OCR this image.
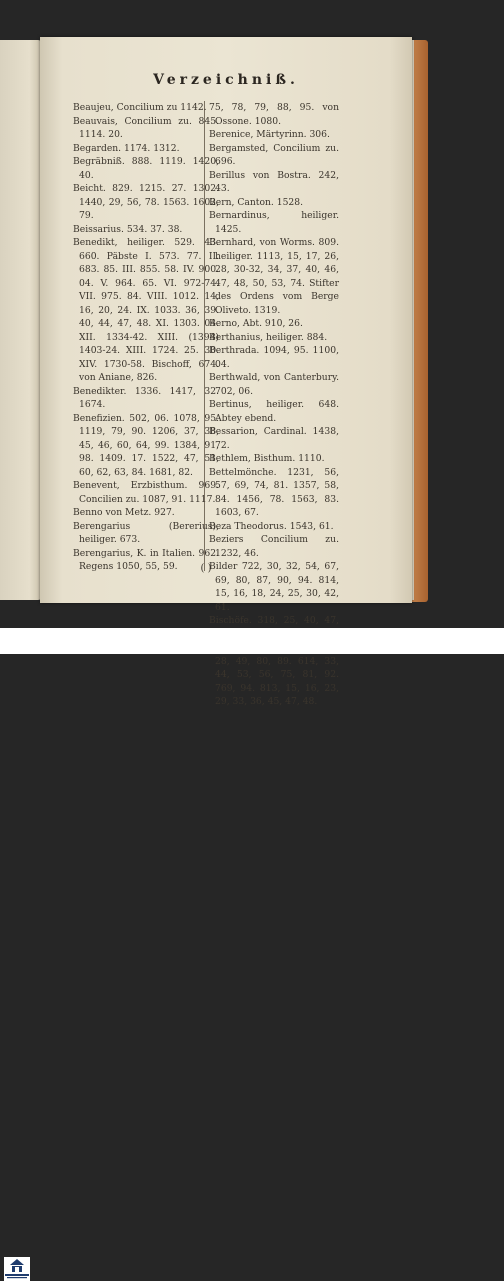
Verzeichniß.

Beaujeu, Concilium zu 1142.

Beauvais, Concilium zu. 845. 1114. 20.

Begarden. 1174. 1312.

Begräbniß. 888. 1119. 1420, 40.

Beicht. 829. 1215. 27. 1302. 1440, 29, 56, 78. 1563. 1602, 79.

Beissarius. 534. 37. 38.

Benedikt, heiliger. 529. 43. 660. Päbste I. 573. 77. II. 683. 85. III. 855. 58. IV. 900. 04. V. 964. 65. VI. 972-74. VII. 975. 84. VIII. 1012. 14, 16, 20, 24. IX. 1033. 36, 39. 40, 44, 47, 48. XI. 1303. 04. XII. 1334-42. XIII. (1394) 1403-24. XIII. 1724. 25. 30. XIV. 1730-58. Bischoff, 674. von Aniane, 826.

Benedikter. 1336. 1417, 32. 1674.

Benefizien. 502, 06. 1078, 95. 1119, 79, 90. 1206, 37, 38, 45, 46, 60, 64, 99. 1384, 91, 98. 1409. 17. 1522, 47, 51, 60, 62, 63, 84. 1681, 82.

Benevent, Erzbisthum. 969. Concilien zu. 1087, 91. 1117.

Benno von Metz. 927.

Berengarius (Bererius), heiliger. 673.

Berengarius, K. in Italien. 962. Regens 1050, 55, 59.

75, 78, 79, 88, 95. von Ossone. 1080.

Berenice, Märtyrinn. 306.

Bergamsted, Concilium zu. 696.

Berillus von Bostra. 242, 43.

Bern, Canton. 1528.

Bernardinus, heiliger. 1425.

Bernhard, von Worms. 809. heiliger. 1113, 15, 17, 26, 28, 30-32, 34, 37, 40, 46, 47, 48, 50, 53, 74. Stifter des Ordens vom Berge Oliveto. 1319.

Berno, Abt. 910, 26.

Berthanius, heiliger. 884.

Berthrada. 1094, 95. 1100, 04.

Berthwald, von Canterbury. 702, 06.

Bertinus, heiliger. 648. Abtey ebend.

Bessarion, Cardinal. 1438, 72.

Bethlem, Bisthum. 1110.

Bettelmönche. 1231, 56, 57, 69, 74, 81. 1357, 58, 84. 1456, 78. 1563, 83. 1603, 67.

Beza Theodorus. 1543, 61.

Beziers Concilium zu. 1232, 46.

Bilder 722, 30, 32, 54, 67, 69, 80, 87, 90, 94. 814, 15, 16, 18, 24, 25, 30, 42, 61.

Bischöfe. 318, 25, 40, 47, 28, 49, 80, 89. 614, 33, 44, 53, 56, 75, 81, 92. 769, 94. 813, 15, 16, 23, 29, 33, 36, 45, 47, 48.

( )
